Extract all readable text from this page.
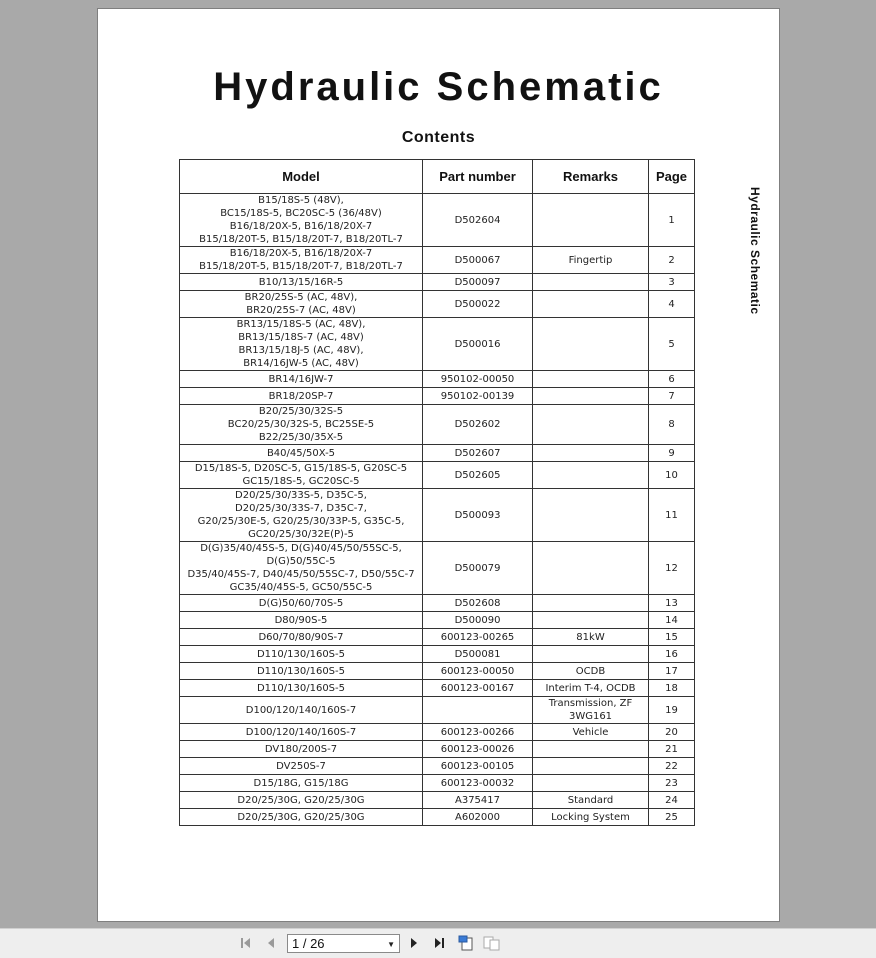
Hydraulic Schematic
Contents
Hydraulic Schematic
Model	Part number	Remarks	Page

B15/18S-5 (48V),
BC15/18S-5, BC20SC-5 (36/48V)
B16/18/20X-5, B16/18/20X-7
B15/18/20T-5, B15/18/20T-7, B18/20TL-7	D502604		1

B16/18/20X-5, B16/18/20X-7
B15/18/20T-5, B15/18/20T-7, B18/20TL-7	D500067	Fingertip	2

B10/13/15/16R-5	D500097		3

BR20/25S-5 (AC, 48V),
BR20/25S-7 (AC, 48V)	D500022		4

BR13/15/18S-5 (AC, 48V),
BR13/15/18S-7 (AC, 48V)
BR13/15/18J-5 (AC, 48V),
BR14/16JW-5 (AC, 48V)	D500016		5

BR14/16JW-7	950102-00050		6

BR18/20SP-7	950102-00139		7

B20/25/30/32S-5
BC20/25/30/32S-5, BC25SE-5
B22/25/30/35X-5	D502602		8

B40/45/50X-5	D502607		9

D15/18S-5, D20SC-5, G15/18S-5, G20SC-5
GC15/18S-5, GC20SC-5	D502605		10

D20/25/30/33S-5, D35C-5,
D20/25/30/33S-7, D35C-7,
G20/25/30E-5, G20/25/30/33P-5, G35C-5,
GC20/25/30/32E(P)-5	D500093		11

D(G)35/40/45S-5, D(G)40/45/50/55SC-5,
D(G)50/55C-5
D35/40/45S-7, D40/45/50/55SC-7, D50/55C-7
GC35/40/45S-5, GC50/55C-5	D500079		12

D(G)50/60/70S-5	D502608		13

D80/90S-5	D500090		14

D60/70/80/90S-7	600123-00265	81kW	15

D110/130/160S-5	D500081		16

D110/130/160S-5	600123-00050	OCDB	17

D110/130/160S-5	600123-00167	Interim T-4, OCDB	18

D100/120/140/160S-7		Transmission, ZF 3WG161	19

D100/120/140/160S-7	600123-00266	Vehicle	20

DV180/200S-7	600123-00026		21

DV250S-7	600123-00105		22

D15/18G, G15/18G	600123-00032		23

D20/25/30G, G20/25/30G	A375417	Standard	24

D20/25/30G, G20/25/30G	A602000	Locking System	25
1 / 26	▼
